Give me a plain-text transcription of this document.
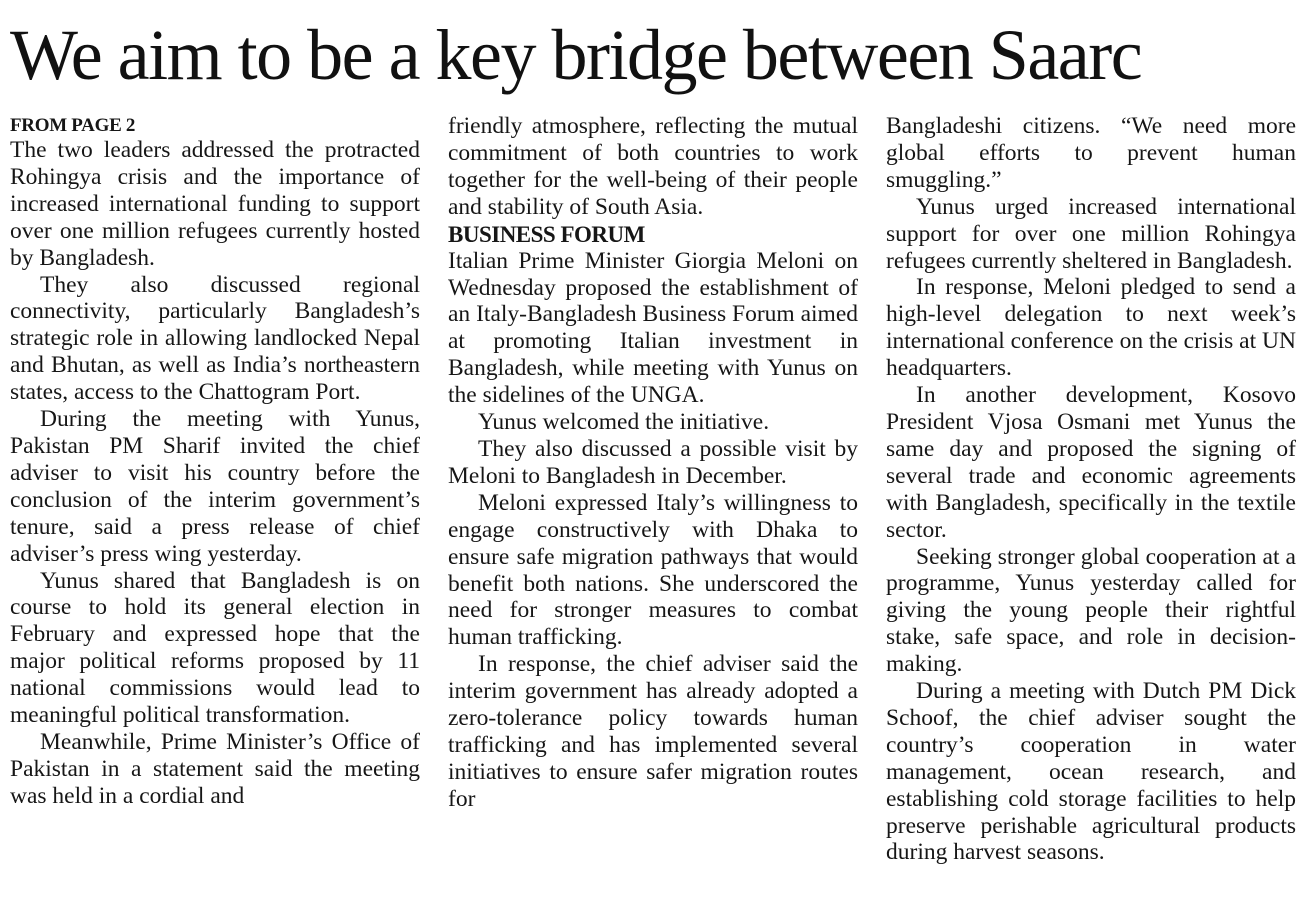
We aim to be a key bridge between Saarc
FROM PAGE 2

The two leaders addressed the protracted Rohingya crisis and the importance of increased international funding to support over one million refugees currently hosted by Bangladesh.

They also discussed regional connectivity, particularly Bangladesh’s strategic role in allowing landlocked Nepal and Bhutan, as well as India’s northeastern states, access to the Chattogram Port.

During the meeting with Yunus, Pakistan PM Sharif invited the chief adviser to visit his country before the conclusion of the interim government’s tenure, said a press release of chief adviser’s press wing yesterday.

Yunus shared that Bangladesh is on course to hold its general election in February and expressed hope that the major political reforms proposed by 11 national commissions would lead to meaningful political transformation.

Meanwhile, Prime Minister’s Office of Pakistan in a statement said the meeting was held in a cordial and

friendly atmosphere, reflecting the mutual commitment of both countries to work together for the well-being of their people and stability of South Asia.

BUSINESS FORUM

Italian Prime Minister Giorgia Meloni on Wednesday proposed the establishment of an Italy-Bangladesh Business Forum aimed at promoting Italian investment in Bangladesh, while meeting with Yunus on the sidelines of the UNGA.

Yunus welcomed the initiative.

They also discussed a possible visit by Meloni to Bangladesh in December.

Meloni expressed Italy’s willingness to engage constructively with Dhaka to ensure safe migration pathways that would benefit both nations. She underscored the need for stronger measures to combat human trafficking.

In response, the chief adviser said the interim government has already adopted a zero-tolerance policy towards human trafficking and has implemented several initiatives to ensure safer migration routes for

Bangladeshi citizens. “We need more global efforts to prevent human smuggling.”

Yunus urged increased international support for over one million Rohingya refugees currently sheltered in Bangladesh.

In response, Meloni pledged to send a high-level delegation to next week’s international conference on the crisis at UN headquarters.

In another development, Kosovo President Vjosa Osmani met Yunus the same day and proposed the signing of several trade and economic agreements with Bangladesh, specifically in the textile sector.

Seeking stronger global cooperation at a programme, Yunus yesterday called for giving the young people their rightful stake, safe space, and role in decision-making.

During a meeting with Dutch PM Dick Schoof, the chief adviser sought the country’s cooperation in water management, ocean research, and establishing cold storage facilities to help preserve perishable agricultural products during harvest seasons.
